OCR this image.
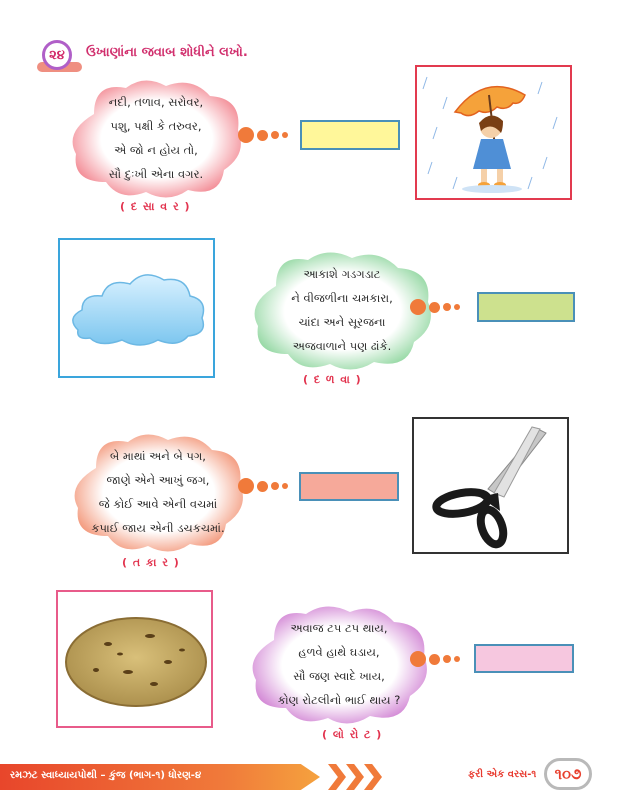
૨૪	ઉખાણાંના જવાબ શોધીને લખો.
નદી, તળાવ, સરોવર,
પશુ, પક્ષી કે તરુવર,
એ જો ન હોય તો,
સૌ દુઃખી એના વગર.
( દ સા વ ર )
આકાશે ગડગડાટ
ને વીજળીના ચમકારા,
ચાંદા અને સૂરજના
અજવાળાને પણ ઢાંકે.
( દ ળ વા )
બે માથાં અને બે પગ,
જાણે એને આખું જગ,
જે કોઈ આવે એની વચમાં
કપાઈ જાય એની ડચકચમાં.
( ત કા ર )
અવાજ ટપ ટપ થાય,
હળવે હાથે ઘડાય,
સૌ જણ સ્વાદે ખાય,
કોણ રોટલીનો ભાઈ થાય ?
( લો રો ટ )
રમઝટ સ્વાધ્યાયપોથી – કુંજ (ભાગ-૧) ધોરણ-૪	ફરી એક વરસ-૧	૧૦૭
